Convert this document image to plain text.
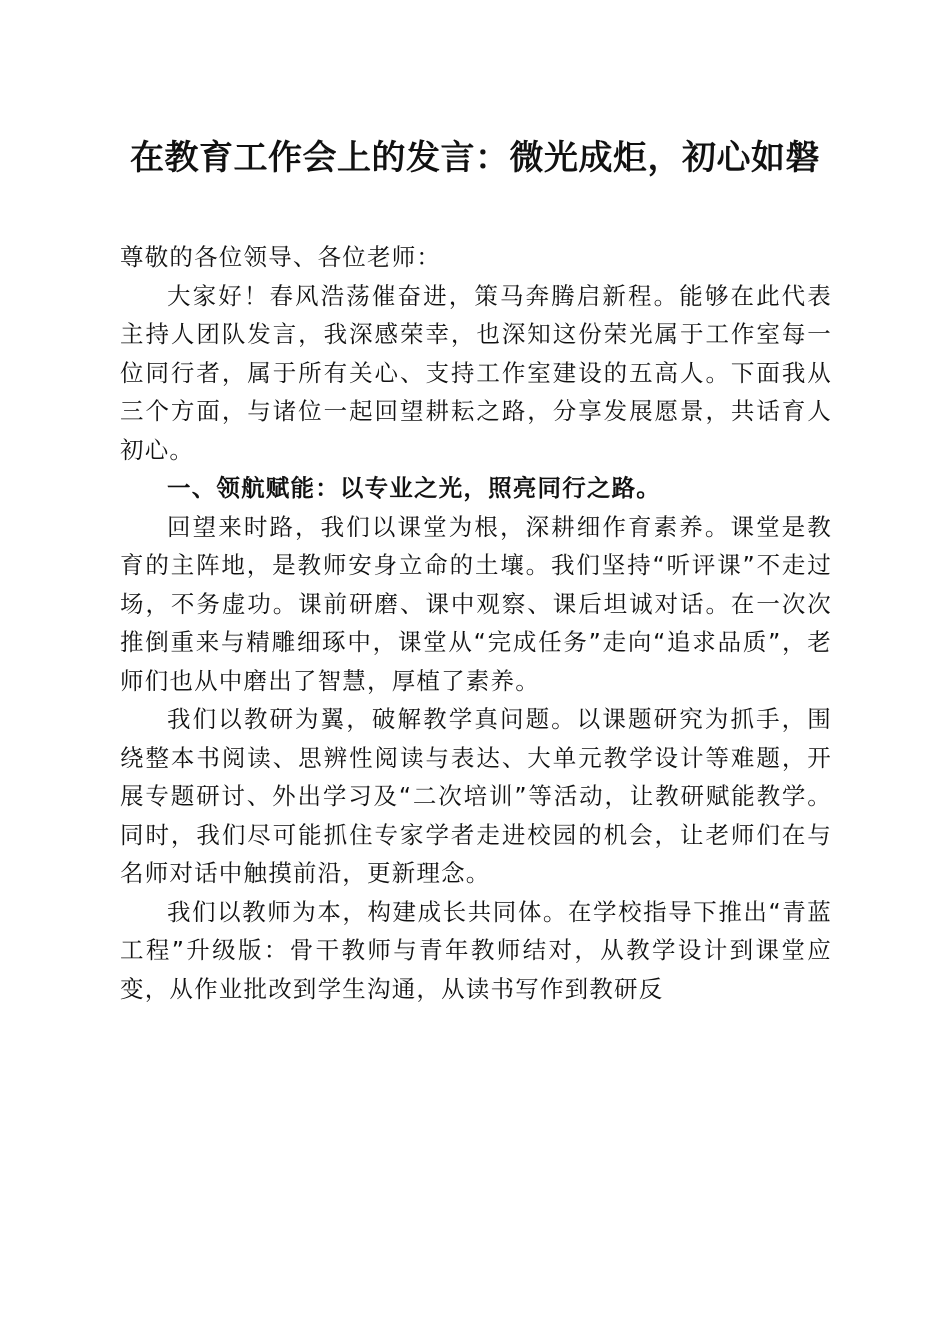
在教育工作会上的发言：微光成炬，初心如磐

尊敬的各位领导、各位老师：

大家好！春风浩荡催奋进，策马奔腾启新程。能够在此代表主持人团队发言，我深感荣幸，也深知这份荣光属于工作室每一位同行者，属于所有关心、支持工作室建设的五高人。下面我从三个方面，与诸位一起回望耕耘之路，分享发展愿景，共话育人初心。

一、领航赋能：以专业之光，照亮同行之路。

回望来时路，我们以课堂为根，深耕细作育素养。课堂是教育的主阵地，是教师安身立命的土壤。我们坚持“听评课”不走过场，不务虚功。课前研磨、课中观察、课后坦诚对话。在一次次推倒重来与精雕细琢中，课堂从“完成任务”走向“追求品质”，老师们也从中磨出了智慧，厚植了素养。

我们以教研为翼，破解教学真问题。以课题研究为抓手，围绕整本书阅读、思辨性阅读与表达、大单元教学设计等难题，开展专题研讨、外出学习及“二次培训”等活动，让教研赋能教学。同时，我们尽可能抓住专家学者走进校园的机会，让老师们在与名师对话中触摸前沿，更新理念。

我们以教师为本，构建成长共同体。在学校指导下推出“青蓝工程”升级版：骨干教师与青年教师结对，从教学设计到课堂应变，从作业批改到学生沟通，从读书写作到教研反
